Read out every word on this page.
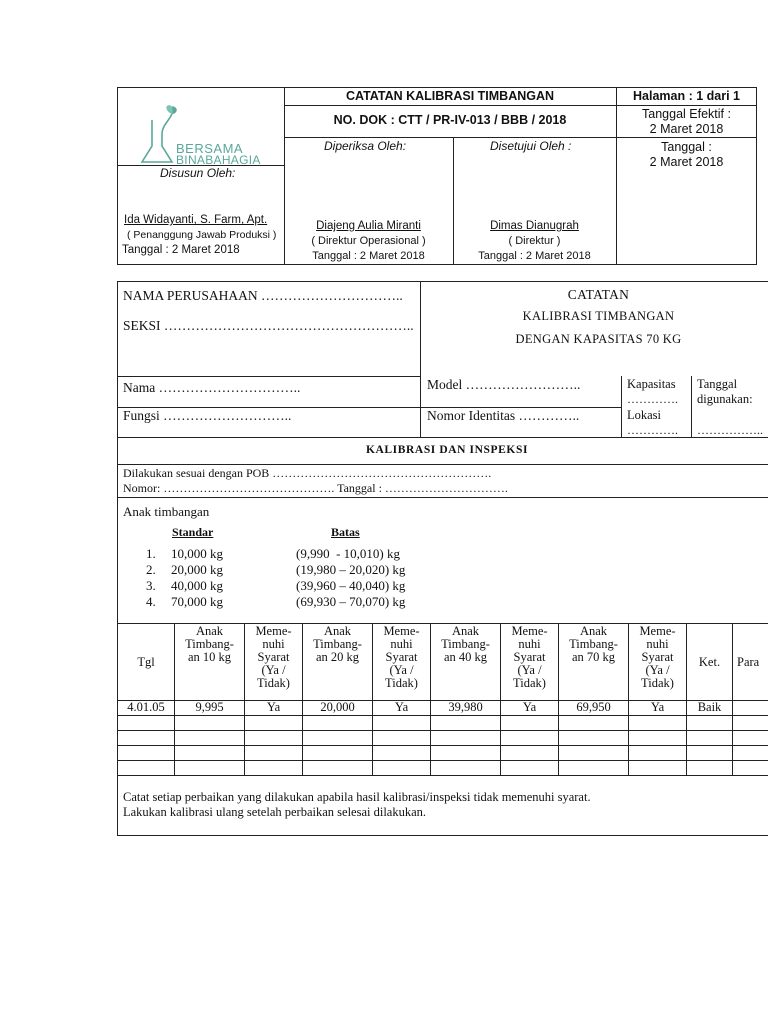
BERSAMA
BINABAHAGIA
Disusun Oleh:
Ida Widayanti, S. Farm, Apt.
( Penanggung Jawab Produksi )
Tanggal : 2 Maret 2018
CATATAN KALIBRASI TIMBANGAN
NO. DOK : CTT / PR-IV-013 / BBB / 2018
Halaman : 1 dari 1
Tanggal Efektif :
2 Maret 2018
Tanggal :
2 Maret 2018
Diperiksa Oleh:
Diajeng Aulia Miranti
( Direktur Operasional )
Tanggal : 2 Maret 2018
Disetujui Oleh :
Dimas Dianugrah
( Direktur )
Tanggal : 2 Maret 2018
NAMA PERUSAHAAN …………………………..
SEKSI ………………………………………………..
CATATAN
KALIBRASI TIMBANGAN
DENGAN KAPASITAS 70 KG
Nama …………………………..
Fungsi ………………………..
Model ……………………..
Nomor Identitas …………..
Kapasitas
………….
Lokasi
………….
Tanggal
digunakan:
……………..
KALIBRASI DAN INSPEKSI
Dilakukan sesuai dengan POB ……………………………………………….
Nomor: ……………………………………. Tanggal : ………………………….
Anak timbangan
Standar	Batas
1. 10,000 kg	(9,990  - 10,010) kg
2. 20,000 kg	(19,980 – 20,020) kg
3. 40,000 kg	(39,960 – 40,040) kg
4. 70,000 kg	(69,930 – 70,070) kg
Tgl	Anak Timbang-an 10 kg	Meme-nuhi Syarat (Ya / Tidak)	Anak Timbang-an 20 kg	Meme-nuhi Syarat (Ya / Tidak)	Anak Timbang-an 40 kg	Meme-nuhi Syarat (Ya / Tidak)	Anak Timbang-an 70 kg	Meme-nuhi Syarat (Ya / Tidak)	Ket.	Para
4.01.05	9,995	Ya	20,000	Ya	39,980	Ya	69,950	Ya	Baik	

Catat setiap perbaikan yang dilakukan apabila hasil kalibrasi/inspeksi tidak memenuhi syarat.
Lakukan kalibrasi ulang setelah perbaikan selesai dilakukan.
